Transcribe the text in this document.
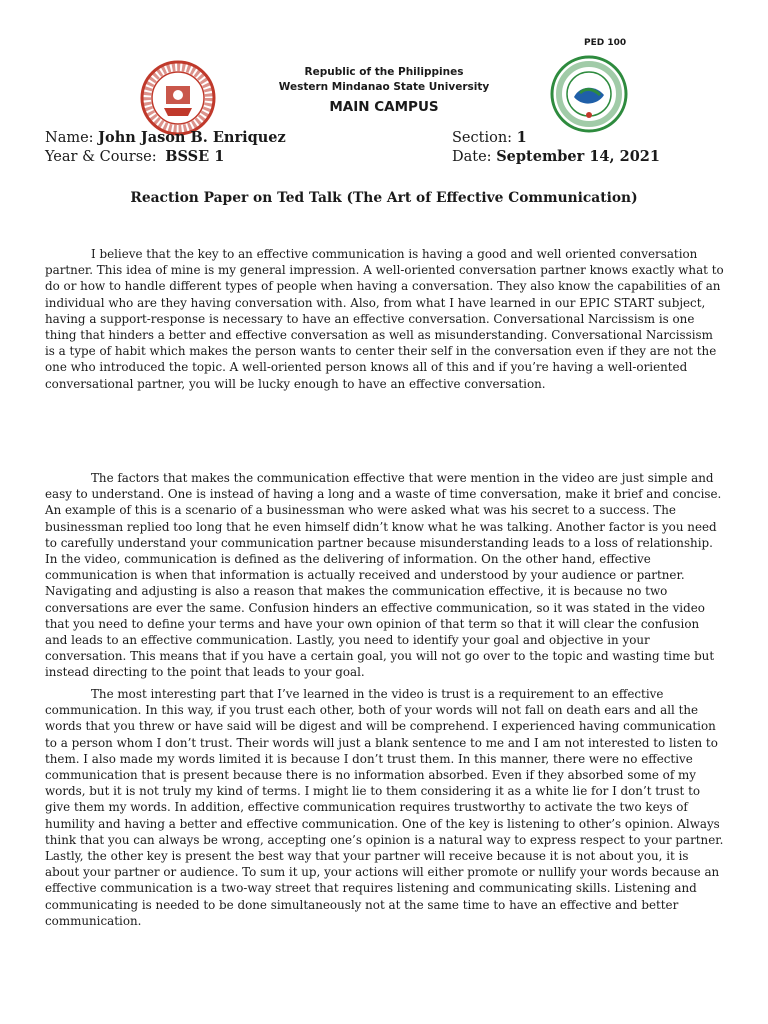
PED 100
Republic of the Philippines
Western Mindanao State University
MAIN CAMPUS
Name: John Jason B. Enriquez	Section: 1
Year & Course: BSSE 1	Date: September 14, 2021
Reaction Paper on Ted Talk (The Art of Effective Communication)

I believe that the key to an effective communication is having a good and well oriented conversation partner. This idea of mine is my general impression. A well-oriented conversation partner knows exactly what to do or how to handle different types of people when having a conversation. They also know the capabilities of an individual who are they having conversation with. Also, from what I have learned in our EPIC START subject, having a support-response is necessary to have an effective conversation. Conversational Narcissism is one thing that hinders a better and effective conversation as well as misunderstanding. Conversational Narcissism is a type of habit which makes the person wants to center their self in the conversation even if they are not the one who introduced the topic. A well-oriented person knows all of this and if you’re having a well-oriented conversational partner, you will be lucky enough to have an effective conversation.

The factors that makes the communication effective that were mention in the video are just simple and easy to understand. One is instead of having a long and a waste of time conversation, make it brief and concise. An example of this is a scenario of a businessman who were asked what was his secret to a success. The businessman replied too long that he even himself didn’t know what he was talking. Another factor is you need to carefully understand your communication partner because misunderstanding leads to a loss of relationship. In the video, communication is defined as the delivering of information. On the other hand, effective communication is when that information is actually received and understood by your audience or partner. Navigating and adjusting is also a reason that makes the communication effective, it is because no two conversations are ever the same. Confusion hinders an effective communication, so it was stated in the video that you need to define your terms and have your own opinion of that term so that it will clear the confusion and leads to an effective communication. Lastly, you need to identify your goal and objective in your conversation. This means that if you have a certain goal, you will not go over to the topic and wasting time but instead directing to the point that leads to your goal.

The most interesting part that I’ve learned in the video is trust is a requirement to an effective communication. In this way, if you trust each other, both of your words will not fall on death ears and all the words that you threw or have said will be digest and will be comprehend. I experienced having communication to a person whom I don’t trust. Their words will just a blank sentence to me and I am not interested to listen to them. I also made my words limited it is because I don’t trust them. In this manner, there were no effective communication that is present because there is no information absorbed. Even if they absorbed some of my words, but it is not truly my kind of terms. I might lie to them considering it as a white lie for I don’t trust to give them my words. In addition, effective communication requires trustworthy to activate the two keys of humility and having a better and effective communication. One of the key is listening to other’s opinion. Always think that you can always be wrong, accepting one’s opinion is a natural way to express respect to your partner. Lastly, the other key is present the best way that your partner will receive because it is not about you, it is about your partner or audience. To sum it up, your actions will either promote or nullify your words because an effective communication is a two-way street that requires listening and communicating skills. Listening and communicating is needed to be done simultaneously not at the same time to have an effective and better communication.
